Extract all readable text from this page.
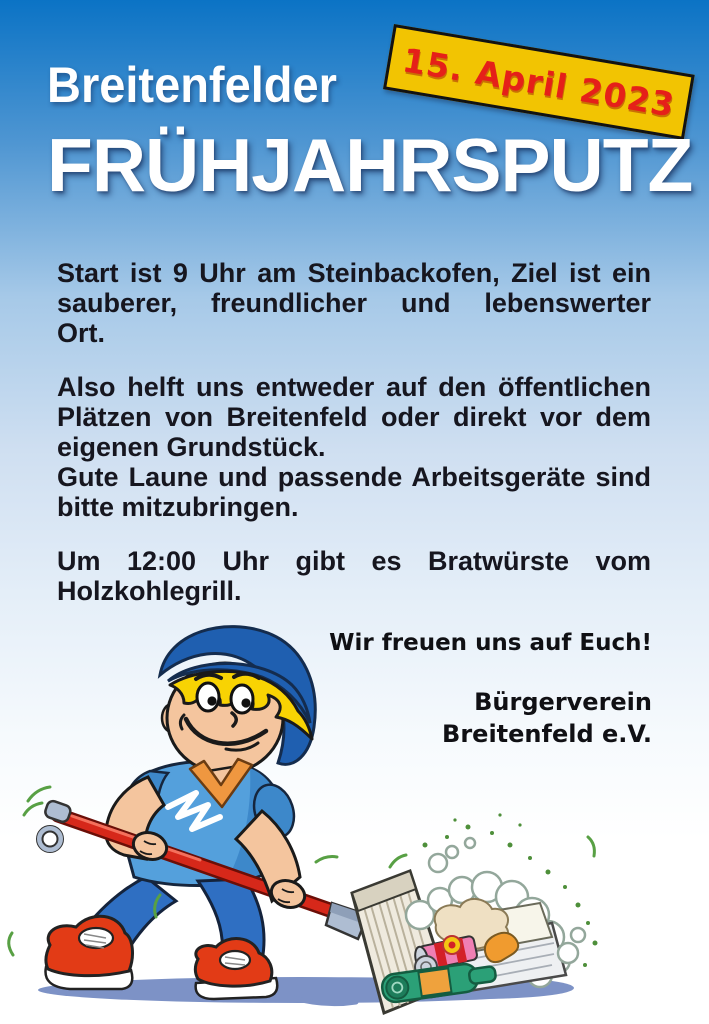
Breitenfelder 15. April 2023
FRÜHJAHRSPUTZ
Start ist 9 Uhr am Steinbackofen, Ziel ist ein
sauberer, freundlicher und lebenswerter
Ort.
Also helft uns entweder auf den öffentlichen
Plätzen von Breitenfeld oder direkt vor dem
eigenen Grundstück.
Gute Laune und passende Arbeitsgeräte sind
bitte mitzubringen.
Um 12:00 Uhr gibt es Bratwürste vom
Holzkohlegrill.
Wir freuen uns auf Euch!
Bürgerverein
Breitenfeld e.V.
